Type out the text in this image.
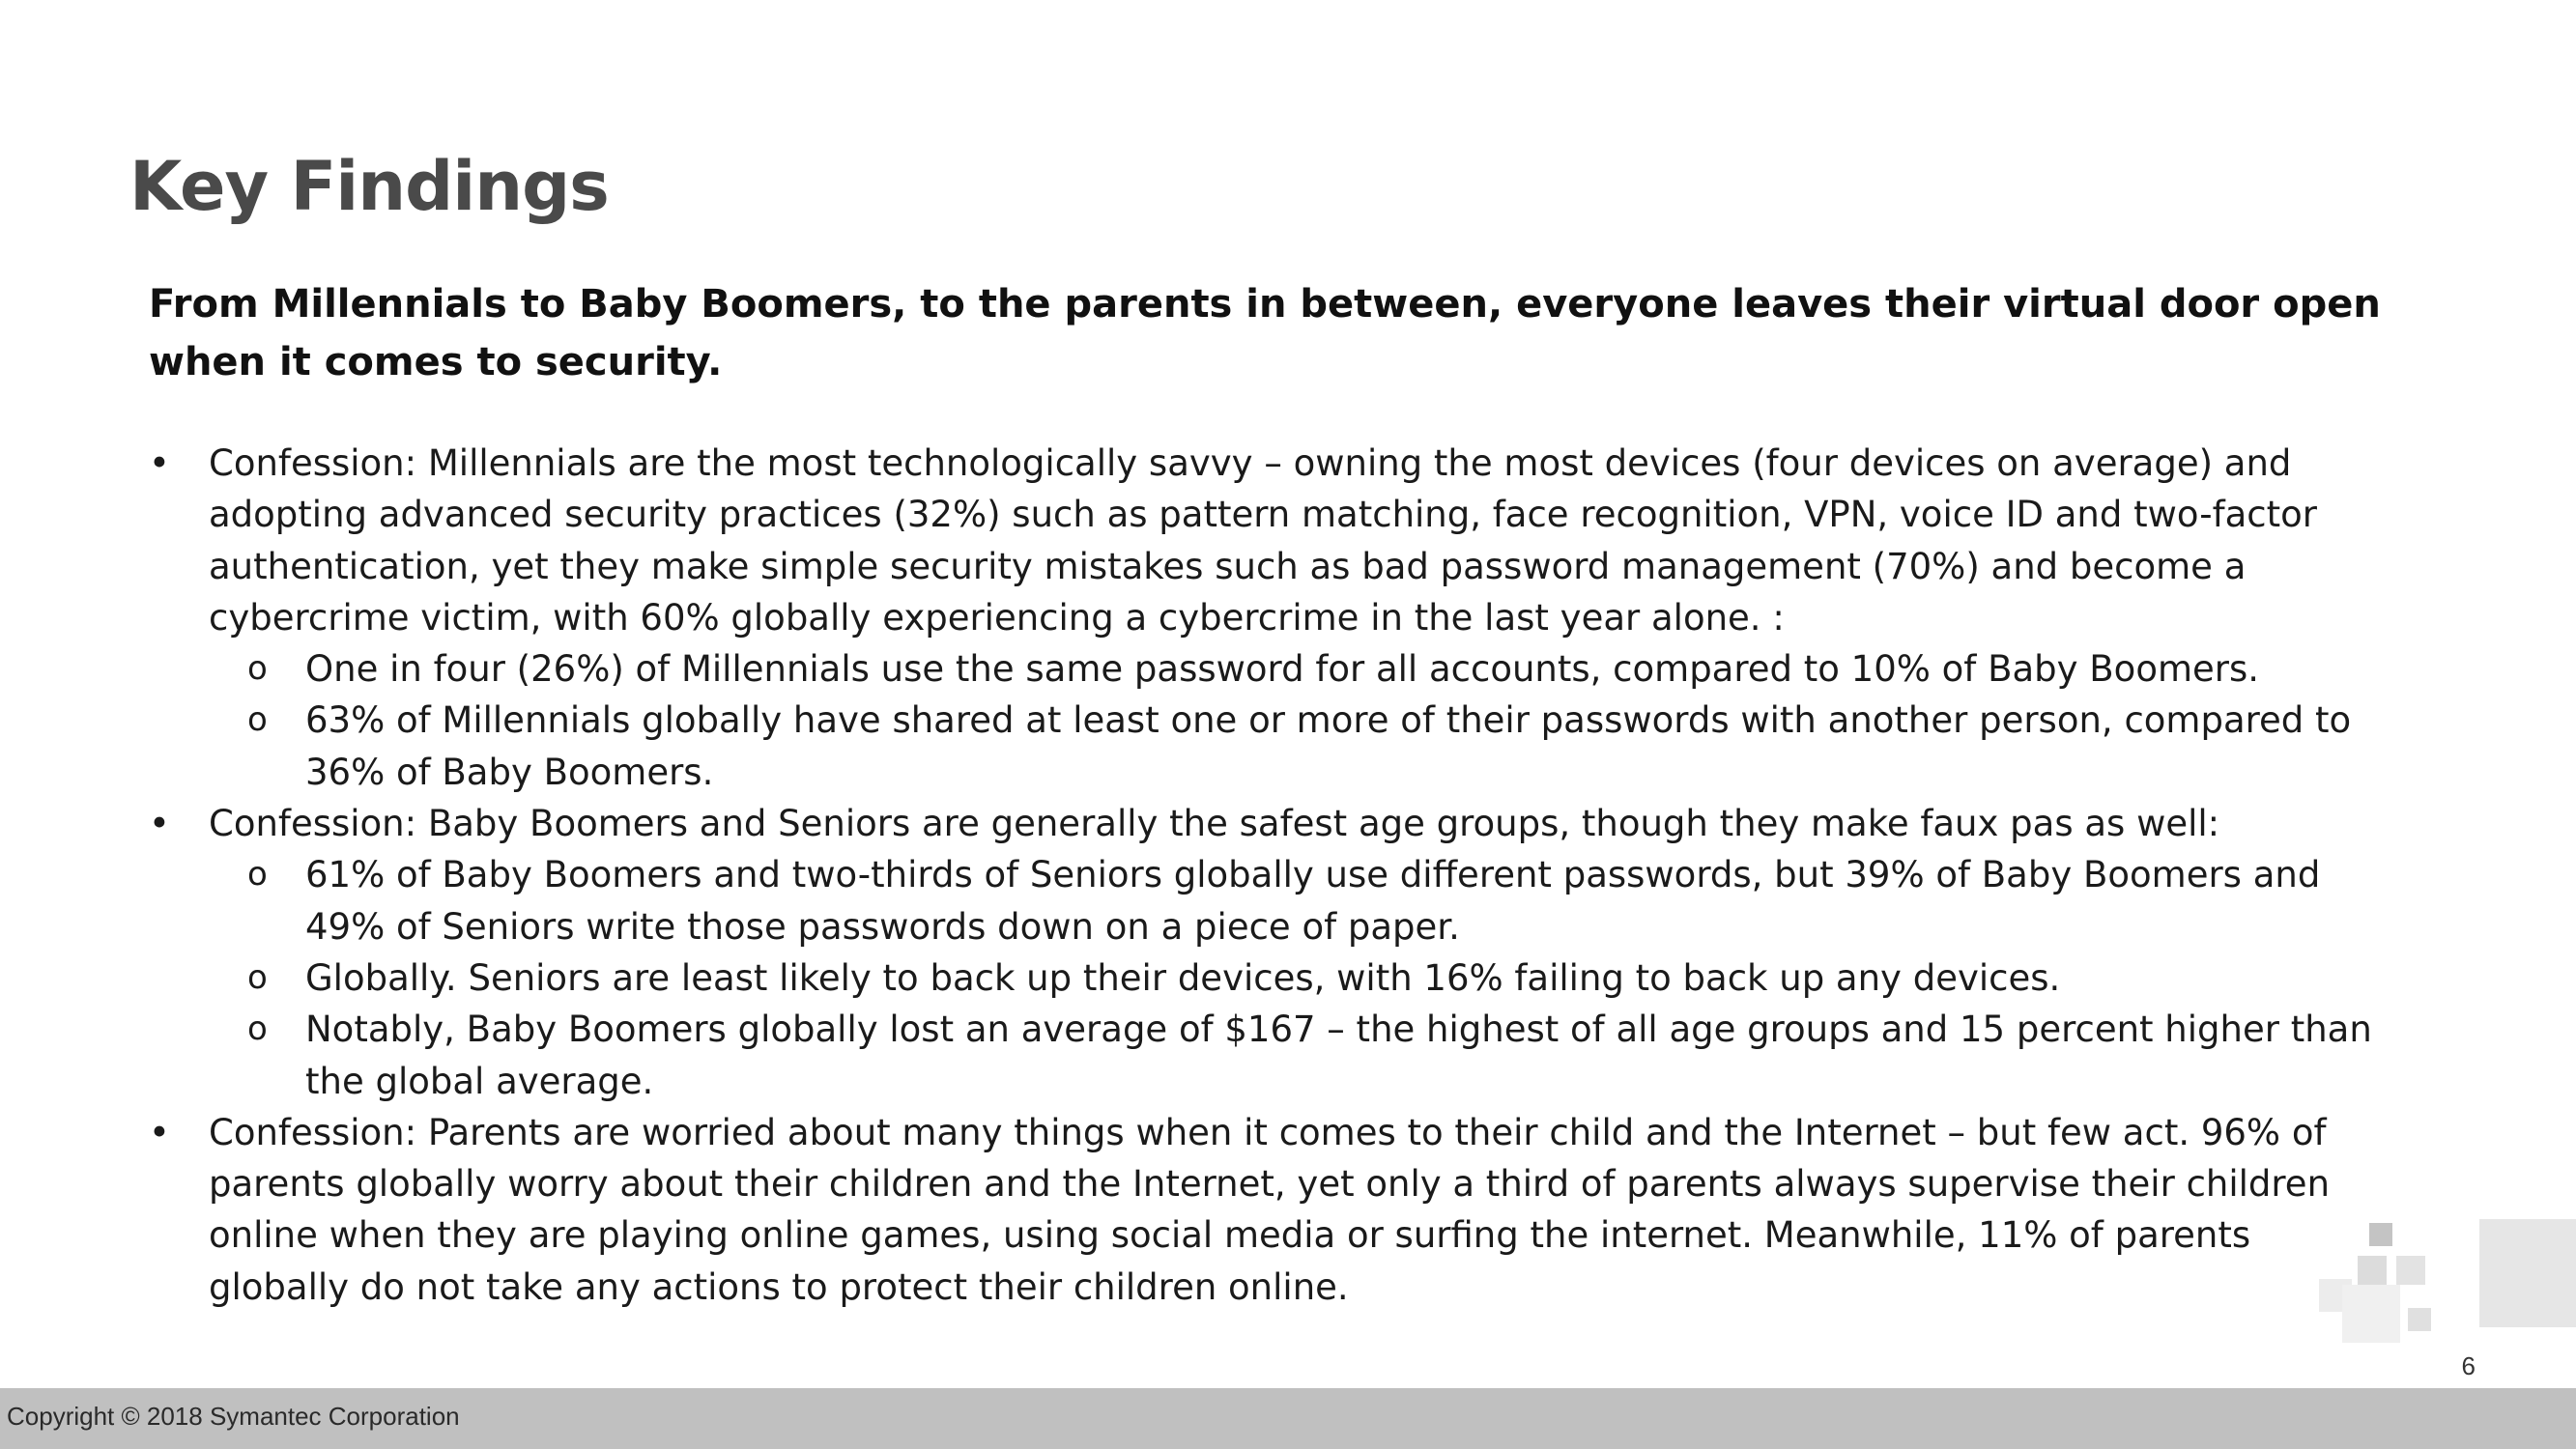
Key Findings
From Millennials to Baby Boomers, to the parents in between, everyone leaves their virtual door open when it comes to security.
• Confession: Millennials are the most technologically savvy – owning the most devices (four devices on average) and adopting advanced security practices (32%) such as pattern matching, face recognition, VPN, voice ID and two-factor authentication, yet they make simple security mistakes such as bad password management (70%) and become a cybercrime victim, with 60% globally experiencing a cybercrime in the last year alone. :
o One in four (26%) of Millennials use the same password for all accounts, compared to 10% of Baby Boomers.
o 63% of Millennials globally have shared at least one or more of their passwords with another person, compared to 36% of Baby Boomers.
• Confession: Baby Boomers and Seniors are generally the safest age groups, though they make faux pas as well:
o 61% of Baby Boomers and two-thirds of Seniors globally use different passwords, but 39% of Baby Boomers and 49% of Seniors write those passwords down on a piece of paper.
o Globally. Seniors are least likely to back up their devices, with 16% failing to back up any devices.
o Notably, Baby Boomers globally lost an average of $167 – the highest of all age groups and 15 percent higher than the global average.
• Confession: Parents are worried about many things when it comes to their child and the Internet – but few act. 96% of parents globally worry about their children and the Internet, yet only a third of parents always supervise their children online when they are playing online games, using social media or surfing the internet. Meanwhile, 11% of parents globally do not take any actions to protect their children online.
6
Copyright © 2018 Symantec Corporation
